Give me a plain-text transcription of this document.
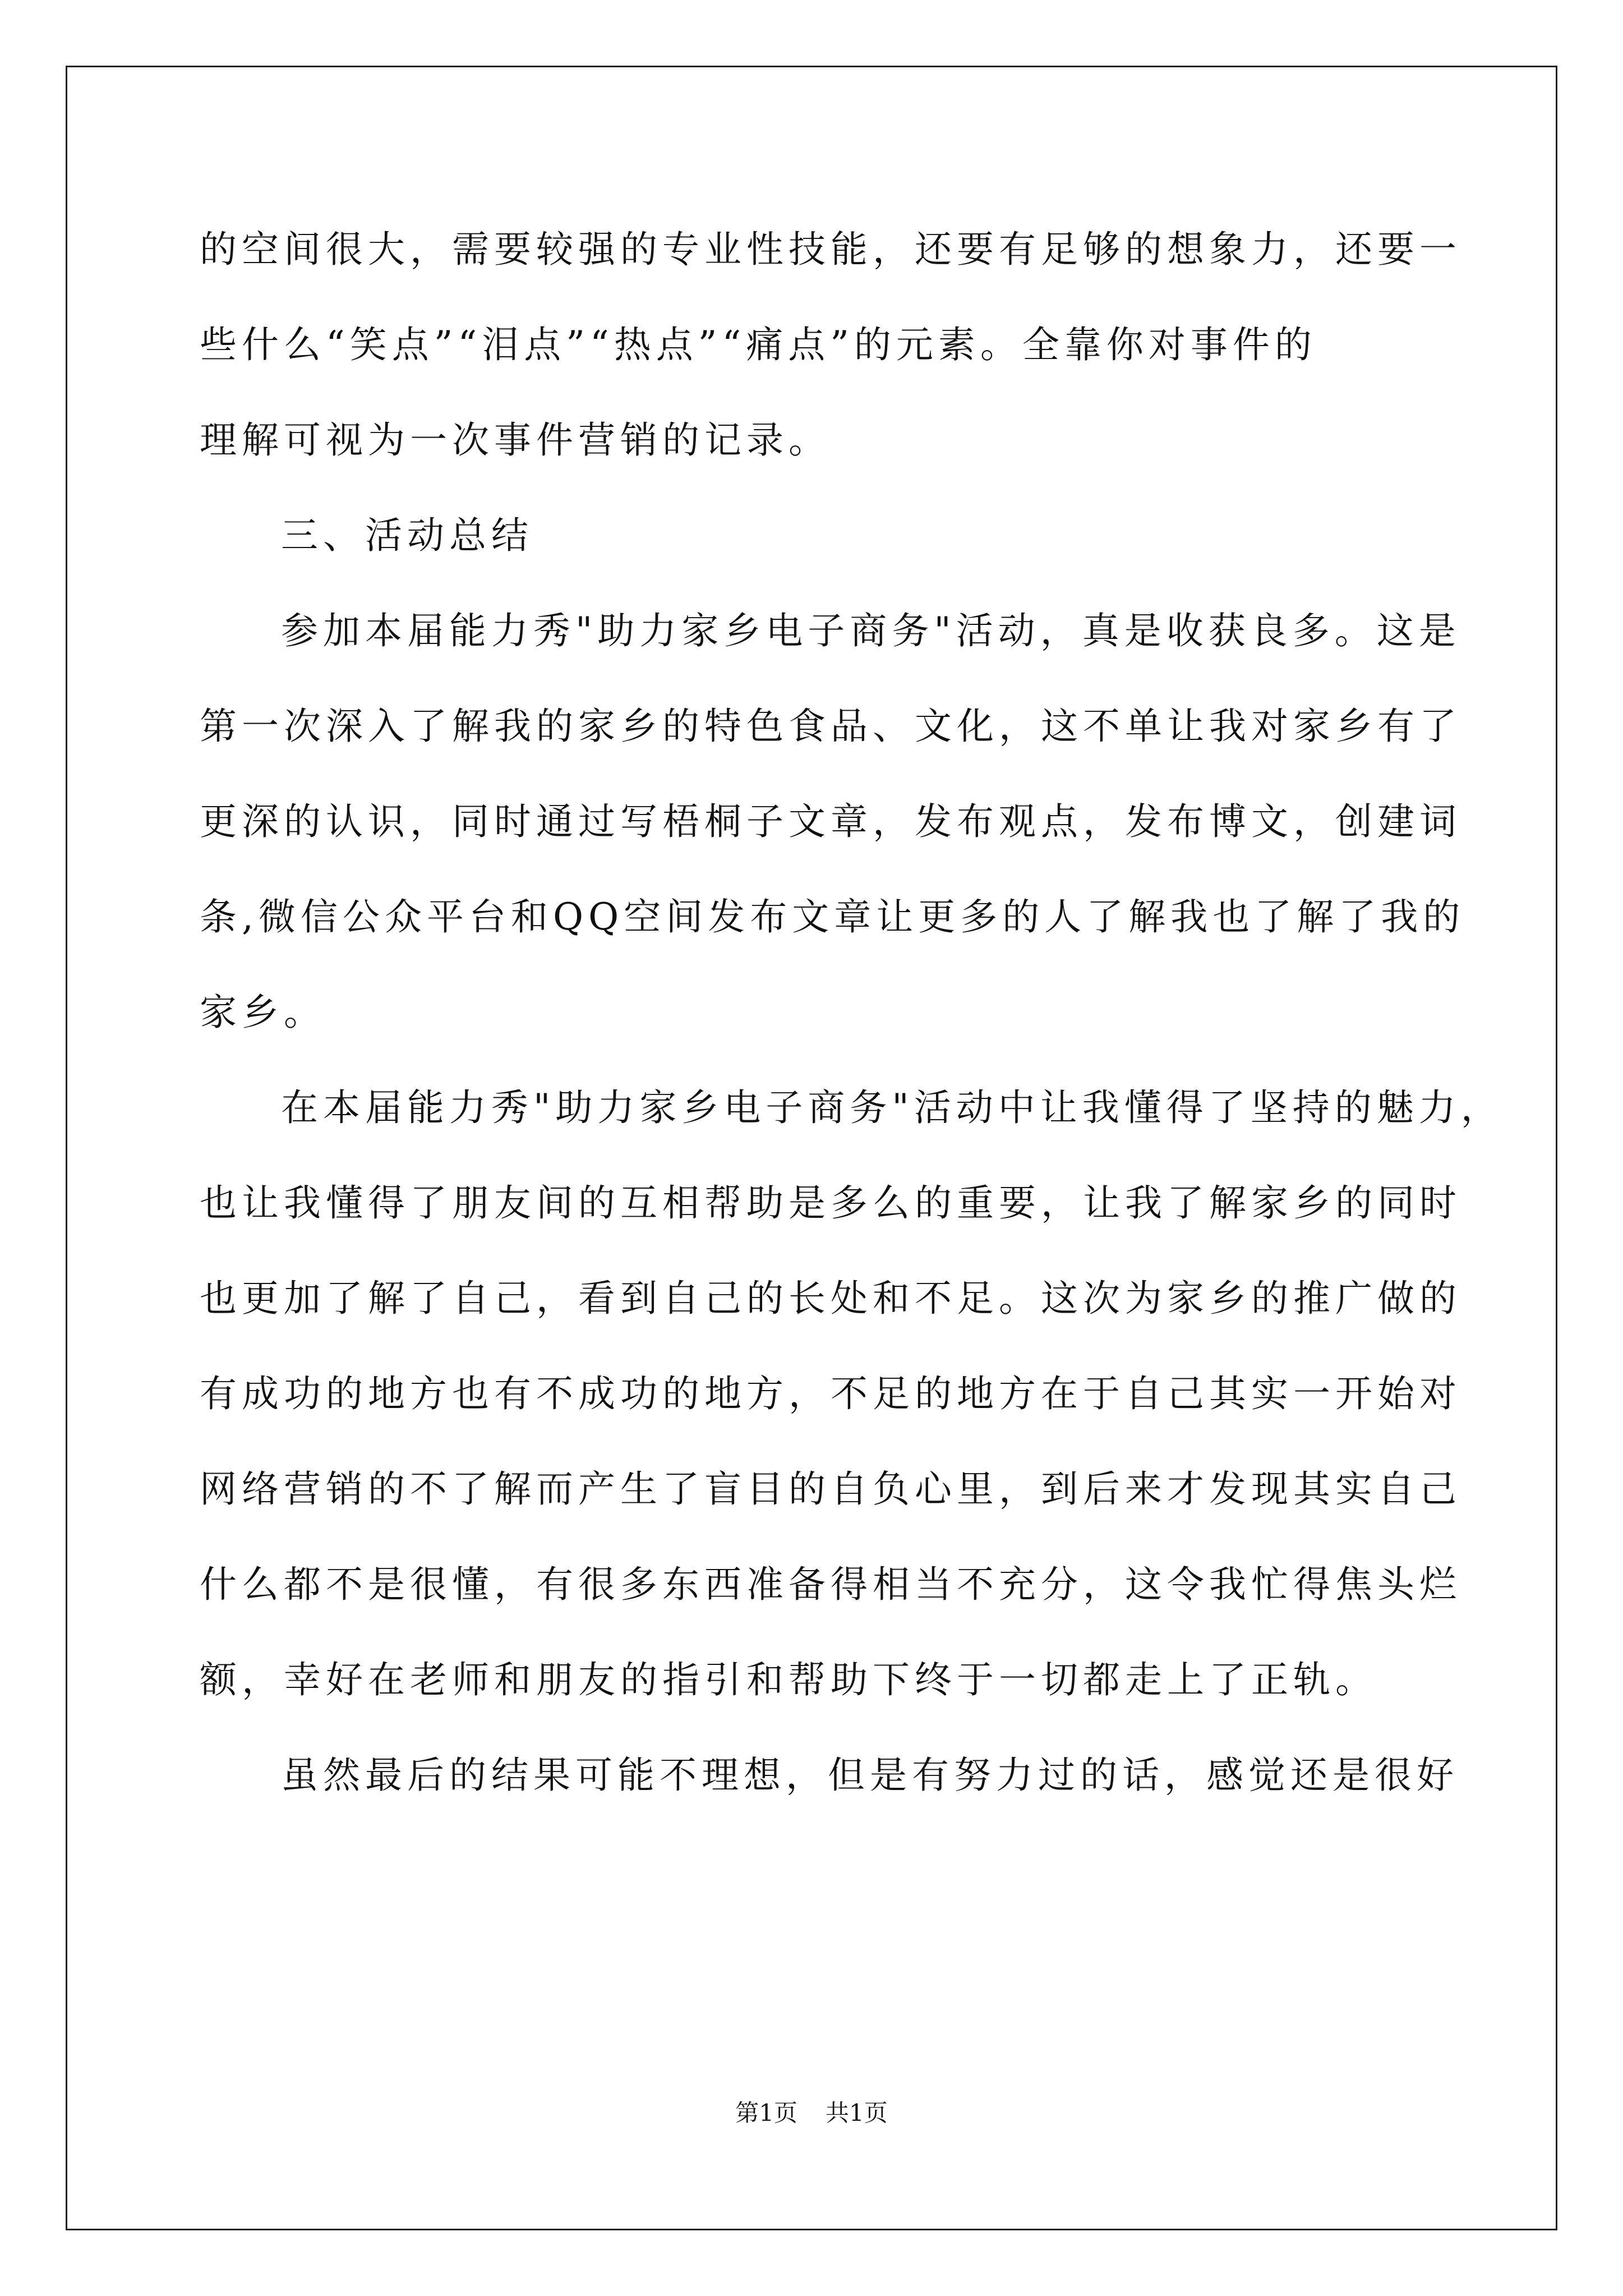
的空间很大，需要较强的专业性技能，还要有足够的想象力，还要一
些什么“笑点”“泪点”“热点”“痛点”的元素。全靠你对事件的
理解可视为一次事件营销的记录。
三、活动总结
参加本届能力秀"助力家乡电子商务"活动，真是收获良多。这是
第一次深入了解我的家乡的特色食品、文化，这不单让我对家乡有了
更深的认识，同时通过写梧桐子文章，发布观点，发布博文，创建词
条,微信公众平台和QQ空间发布文章让更多的人了解我也了解了我的
家乡。
在本届能力秀"助力家乡电子商务"活动中让我懂得了坚持的魅力，
也让我懂得了朋友间的互相帮助是多么的重要，让我了解家乡的同时
也更加了解了自己，看到自己的长处和不足。这次为家乡的推广做的
有成功的地方也有不成功的地方，不足的地方在于自己其实一开始对
网络营销的不了解而产生了盲目的自负心里，到后来才发现其实自己
什么都不是很懂，有很多东西准备得相当不充分，这令我忙得焦头烂
额，幸好在老师和朋友的指引和帮助下终于一切都走上了正轨。
虽然最后的结果可能不理想，但是有努力过的话，感觉还是很好
第1页 共1页
